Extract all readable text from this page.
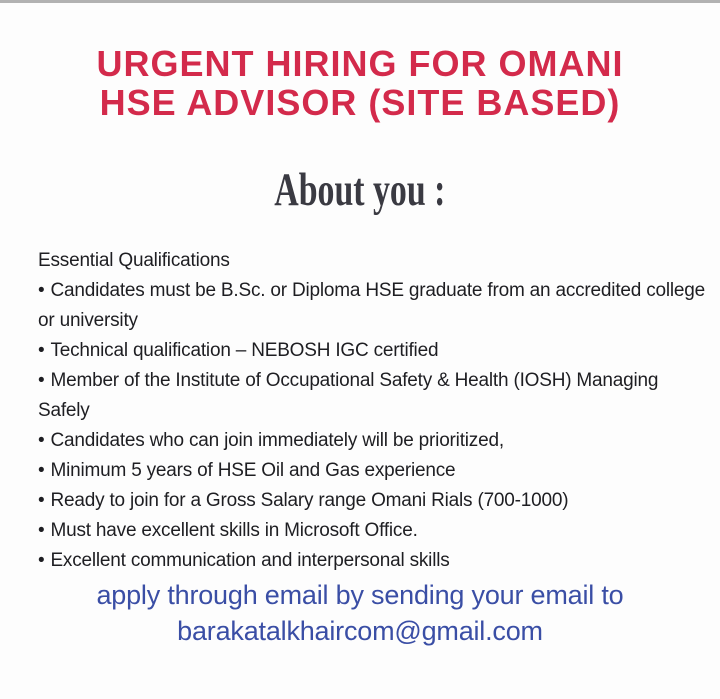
URGENT HIRING FOR OMANI
HSE ADVISOR (SITE BASED)
About you :

Essential Qualifications

• Candidates must be B.Sc. or Diploma HSE graduate from an accredited college or university
• Technical qualification – NEBOSH IGC certified
• Member of the Institute of Occupational Safety & Health (IOSH) Managing Safely
• Candidates who can join immediately will be prioritized,
• Minimum 5 years of HSE Oil and Gas experience
• Ready to join for a Gross Salary range Omani Rials (700-1000)
• Must have excellent skills in Microsoft Office.
• Excellent communication and interpersonal skills
apply through email by sending your email to
barakatalkhaircom@gmail.com
